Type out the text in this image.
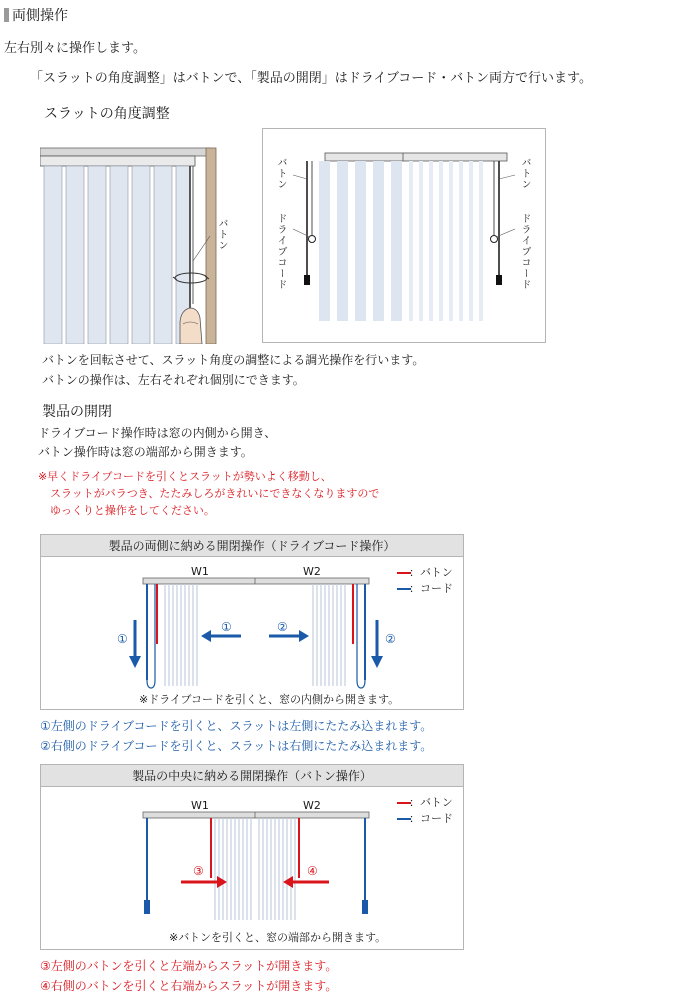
両側操作
左右別々に操作します。
「スラットの角度調整」はバトンで、「製品の開閉」はドライブコード・バトン両方で行います。
スラットの角度調整
バトン
バトン
ドライブコード
バトン
ドライブコード
バトンを回転させて、スラット角度の調整による調光操作を行います。
バトンの操作は、左右それぞれ個別にできます。
製品の開閉
ドライブコード操作時は窓の内側から開き、
バトン操作時は窓の端部から開きます。
※早くドライブコードを引くとスラットが勢いよく移動し、
スラットがバラつき、たたみしろがきれいにできなくなりますので
ゆっくりと操作をしてください。
製品の両側に納める開閉操作（ドライブコード操作）
W1	W2	：バトン
：コード
①
①	②
②
※ドライブコードを引くと、窓の内側から開きます。
①左側のドライブコードを引くと、スラットは左側にたたみ込まれます。
②右側のドライブコードを引くと、スラットは右側にたたみ込まれます。
製品の中央に納める開閉操作（バトン操作）
W1	W2	：バトン
：コード
③	④
※バトンを引くと、窓の端部から開きます。
③左側のバトンを引くと左端からスラットが開きます。
④右側のバトンを引くと右端からスラットが開きます。
